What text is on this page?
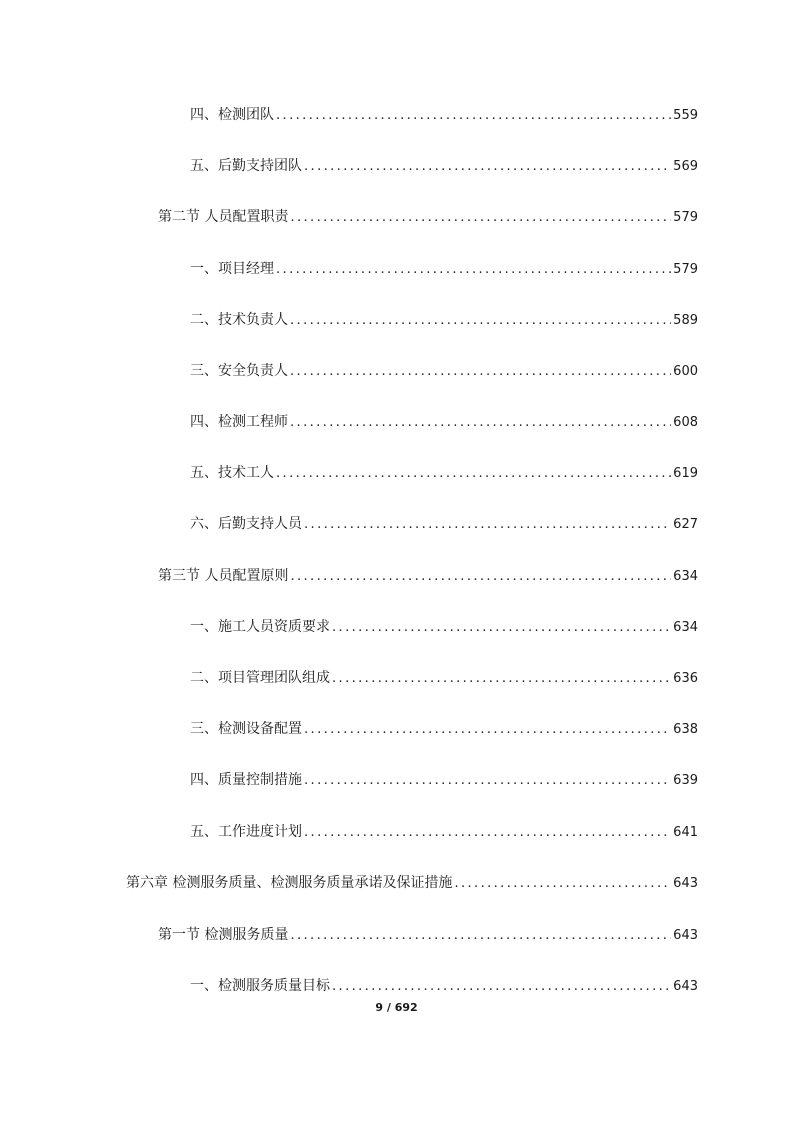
四、检测团队 .....	559
五、后勤支持团队 .....	569
第二节 人员配置职责 .....	579
一、项目经理 .....	579
二、技术负责人 .....	589
三、安全负责人 .....	600
四、检测工程师 .....	608
五、技术工人 .....	619
六、后勤支持人员 .....	627
第三节 人员配置原则 .....	634
一、施工人员资质要求 .....	634
二、项目管理团队组成 .....	636
三、检测设备配置 .....	638
四、质量控制措施 .....	639
五、工作进度计划 .....	641
第六章 检测服务质量、检测服务质量承诺及保证措施 .....	643
第一节 检测服务质量 .....	643
一、检测服务质量目标 .....	643
9 / 692
